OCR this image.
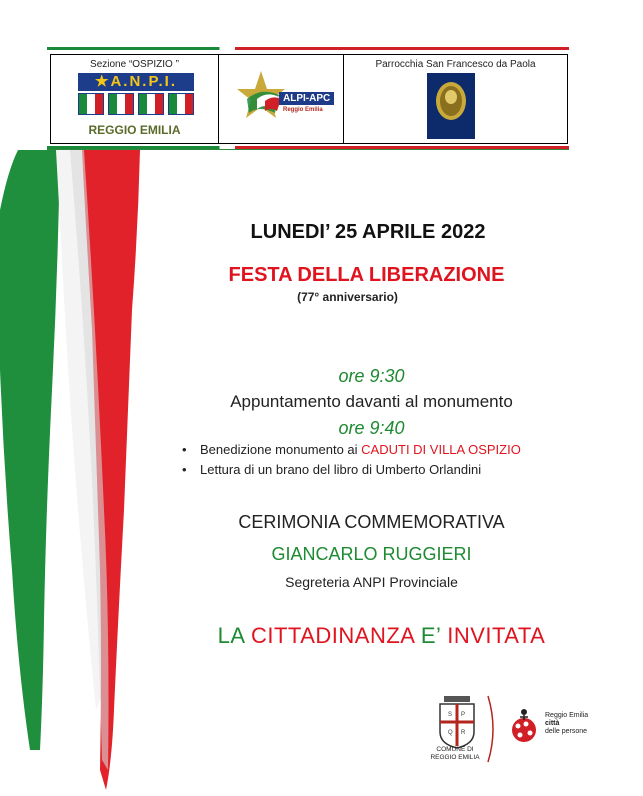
Sezione “OSPIZIO ”
★A.N.P.I.
REGGIO EMILIA
ALPI-APC
Reggio Emilia
Parrocchia San Francesco da Paola
LUNEDI’ 25 APRILE 2022
FESTA DELLA LIBERAZIONE
(77° anniversario)
ore 9:30
Appuntamento davanti al monumento
ore 9:40
• Benedizione monumento ai CADUTI DI VILLA OSPIZIO
• Lettura di un brano del libro di Umberto Orlandini
CERIMONIA COMMEMORATIVA
GIANCARLO RUGGIERI
Segreteria ANPI Provinciale
LA CITTADINANZA E’ INVITATA
S P
Q R
COMUNE DI
REGGIO EMILIA
Reggio Emilia
città
delle persone
